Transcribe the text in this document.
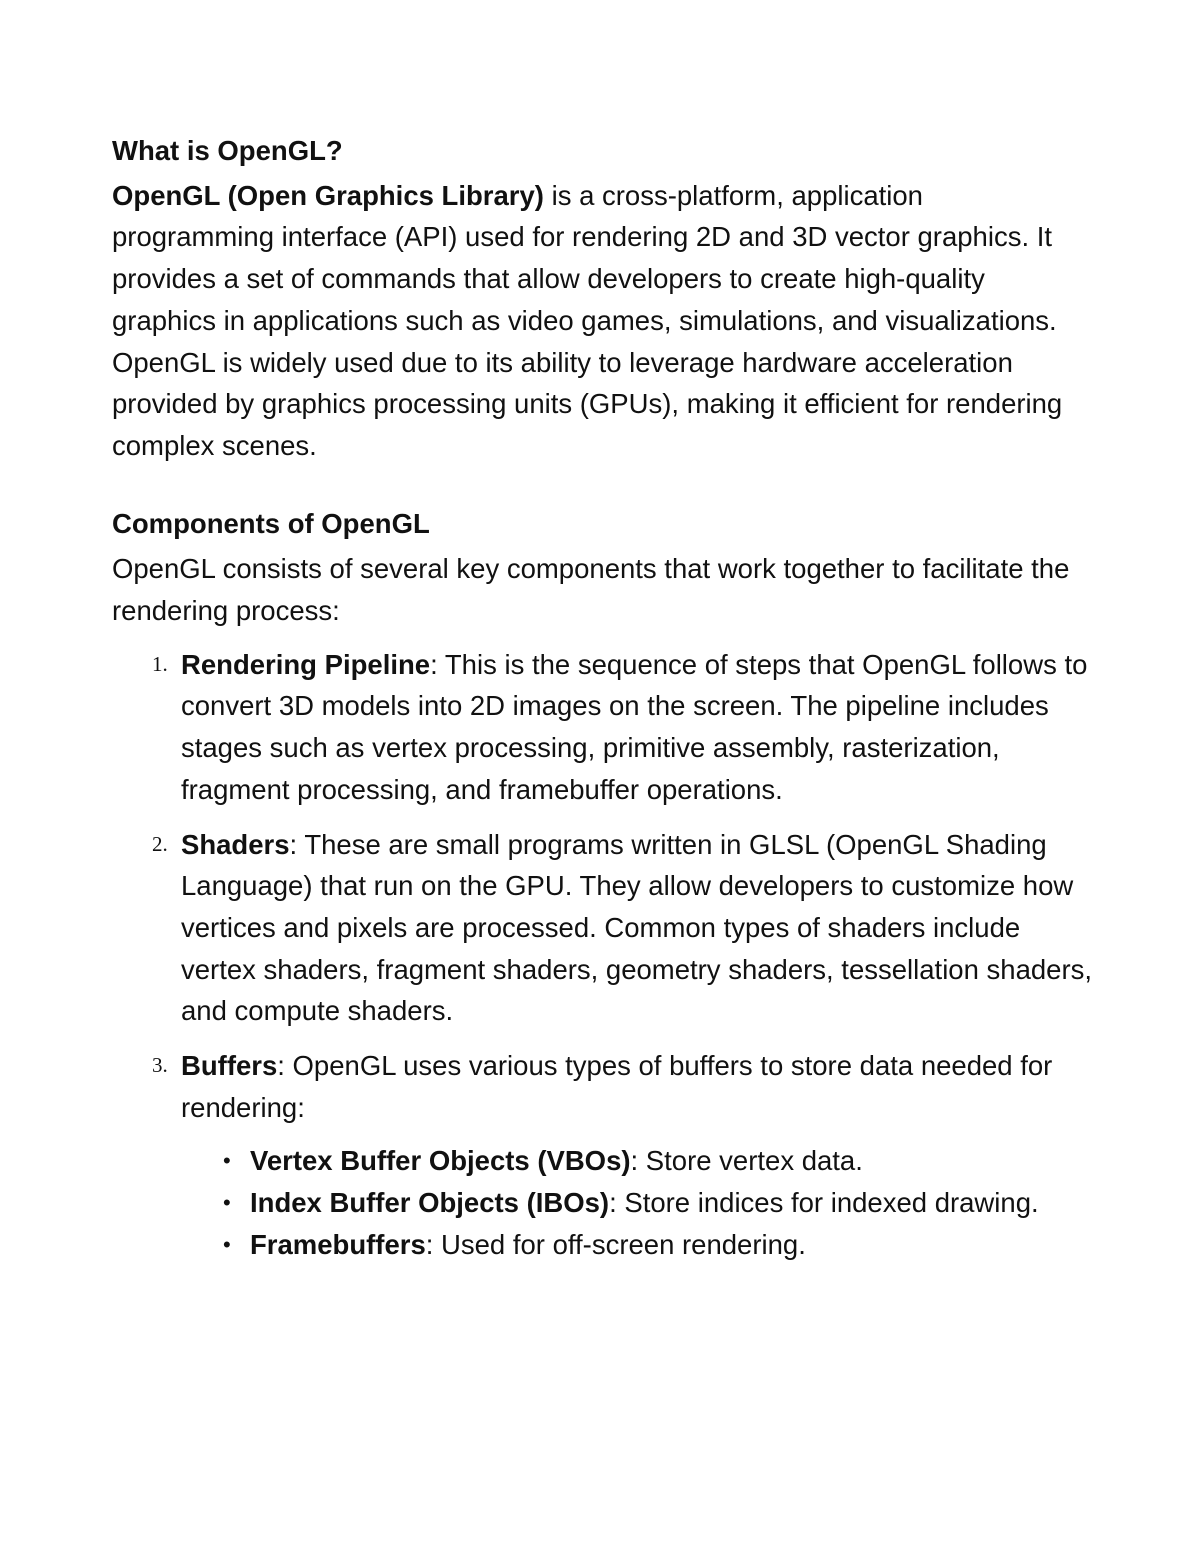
What is OpenGL?

OpenGL (Open Graphics Library) is a cross-platform, application programming interface (API) used for rendering 2D and 3D vector graphics. It provides a set of commands that allow developers to create high-quality graphics in applications such as video games, simulations, and visualizations. OpenGL is widely used due to its ability to leverage hardware acceleration provided by graphics processing units (GPUs), making it efficient for rendering complex scenes.

Components of OpenGL

OpenGL consists of several key components that work together to facilitate the rendering process:

1. Rendering Pipeline: This is the sequence of steps that OpenGL follows to convert 3D models into 2D images on the screen. The pipeline includes stages such as vertex processing, primitive assembly, rasterization, fragment processing, and framebuffer operations.
2. Shaders: These are small programs written in GLSL (OpenGL Shading Language) that run on the GPU. They allow developers to customize how vertices and pixels are processed. Common types of shaders include vertex shaders, fragment shaders, geometry shaders, tessellation shaders, and compute shaders.
3. Buffers: OpenGL uses various types of buffers to store data needed for rendering:
• Vertex Buffer Objects (VBOs): Store vertex data.
• Index Buffer Objects (IBOs): Store indices for indexed drawing.
• Framebuffers: Used for off-screen rendering.
